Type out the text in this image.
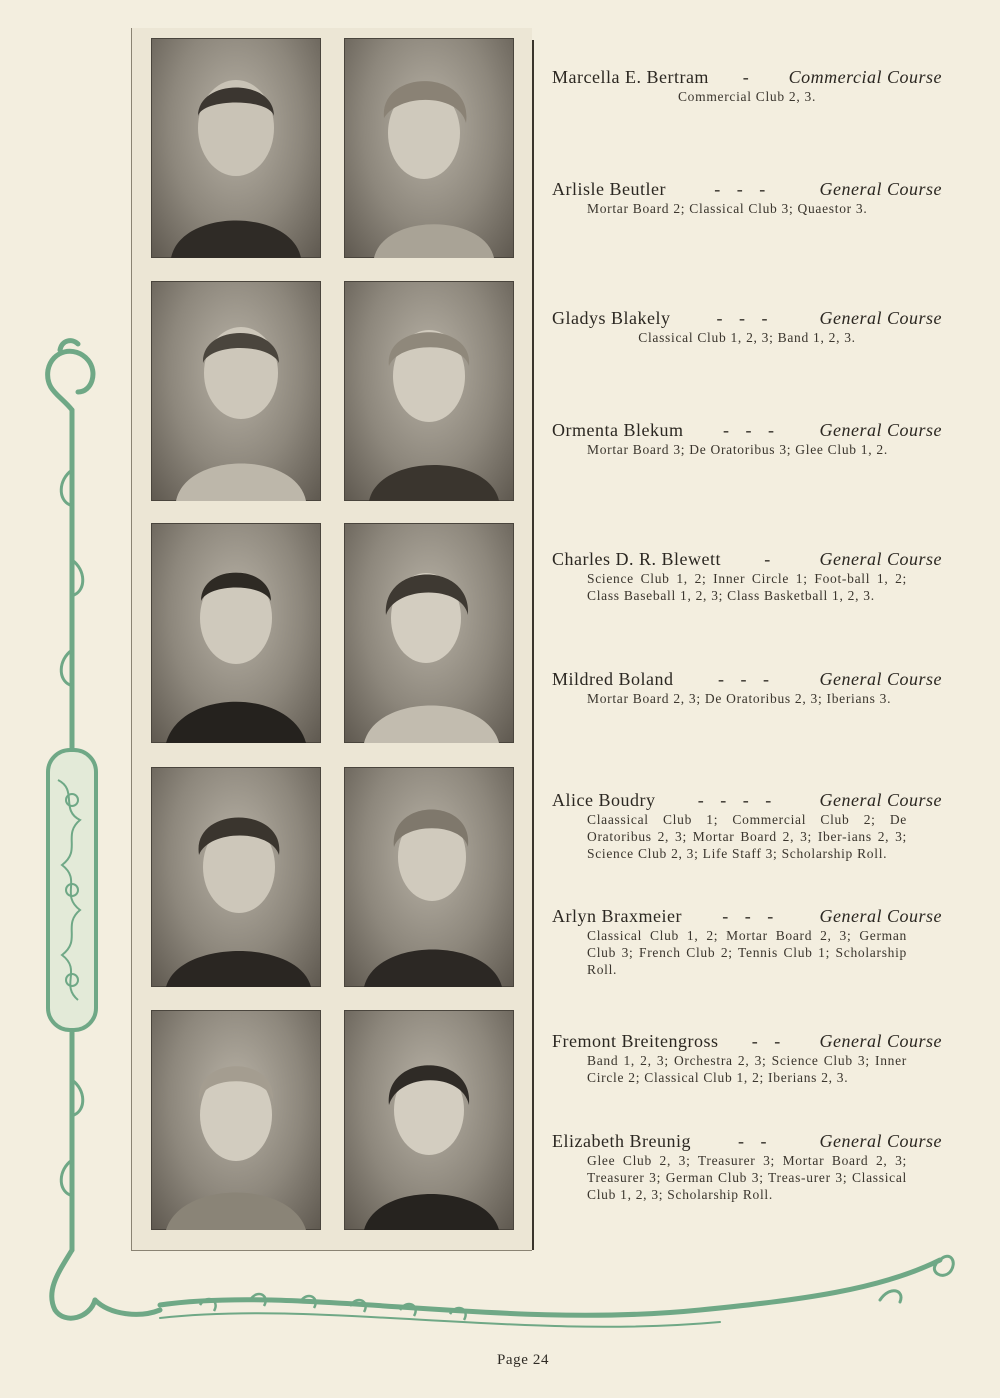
Marcella E. Bertram - Commercial Course
Commercial Club 2, 3.
Arlisle Beutler	- - -	General Course
Mortar Board 2; Classical Club 3; Quaestor 3.
Gladys Blakely	- - -	General Course
Classical Club 1, 2, 3; Band 1, 2, 3.
Ormenta Blekum - - - General Course
Mortar Board 3; De Oratoribus 3; Glee Club 1, 2.
Charles D. R. Blewett - General Course
Science Club 1, 2; Inner Circle 1; Foot-ball 1, 2; Class Baseball 1, 2, 3; Class Basketball 1, 2, 3.
Mildred Boland - - - General Course
Mortar Board 2, 3; De Oratoribus 2, 3; Iberians 3.
Alice Boudry - - - - General Course
Claassical Club 1; Commercial Club 2; De Oratoribus 2, 3; Mortar Board 2, 3; Iber-ians 2, 3; Science Club 2, 3; Life Staff 3; Scholarship Roll.
Arlyn Braxmeier - - - General Course
Classical Club 1, 2; Mortar Board 2, 3; German Club 3; French Club 2; Tennis Club 1; Scholarship Roll.
Fremont Breitengross - - General Course
Band 1, 2, 3; Orchestra 2, 3; Science Club 3; Inner Circle 2; Classical Club 1, 2; Iberians 2, 3.
Elizabeth Breunig	- -	General Course
Glee Club 2, 3; Treasurer 3; Mortar Board 2, 3; Treasurer 3; German Club 3; Treas-urer 3; Classical Club 1, 2, 3; Scholarship Roll.
Page 24
